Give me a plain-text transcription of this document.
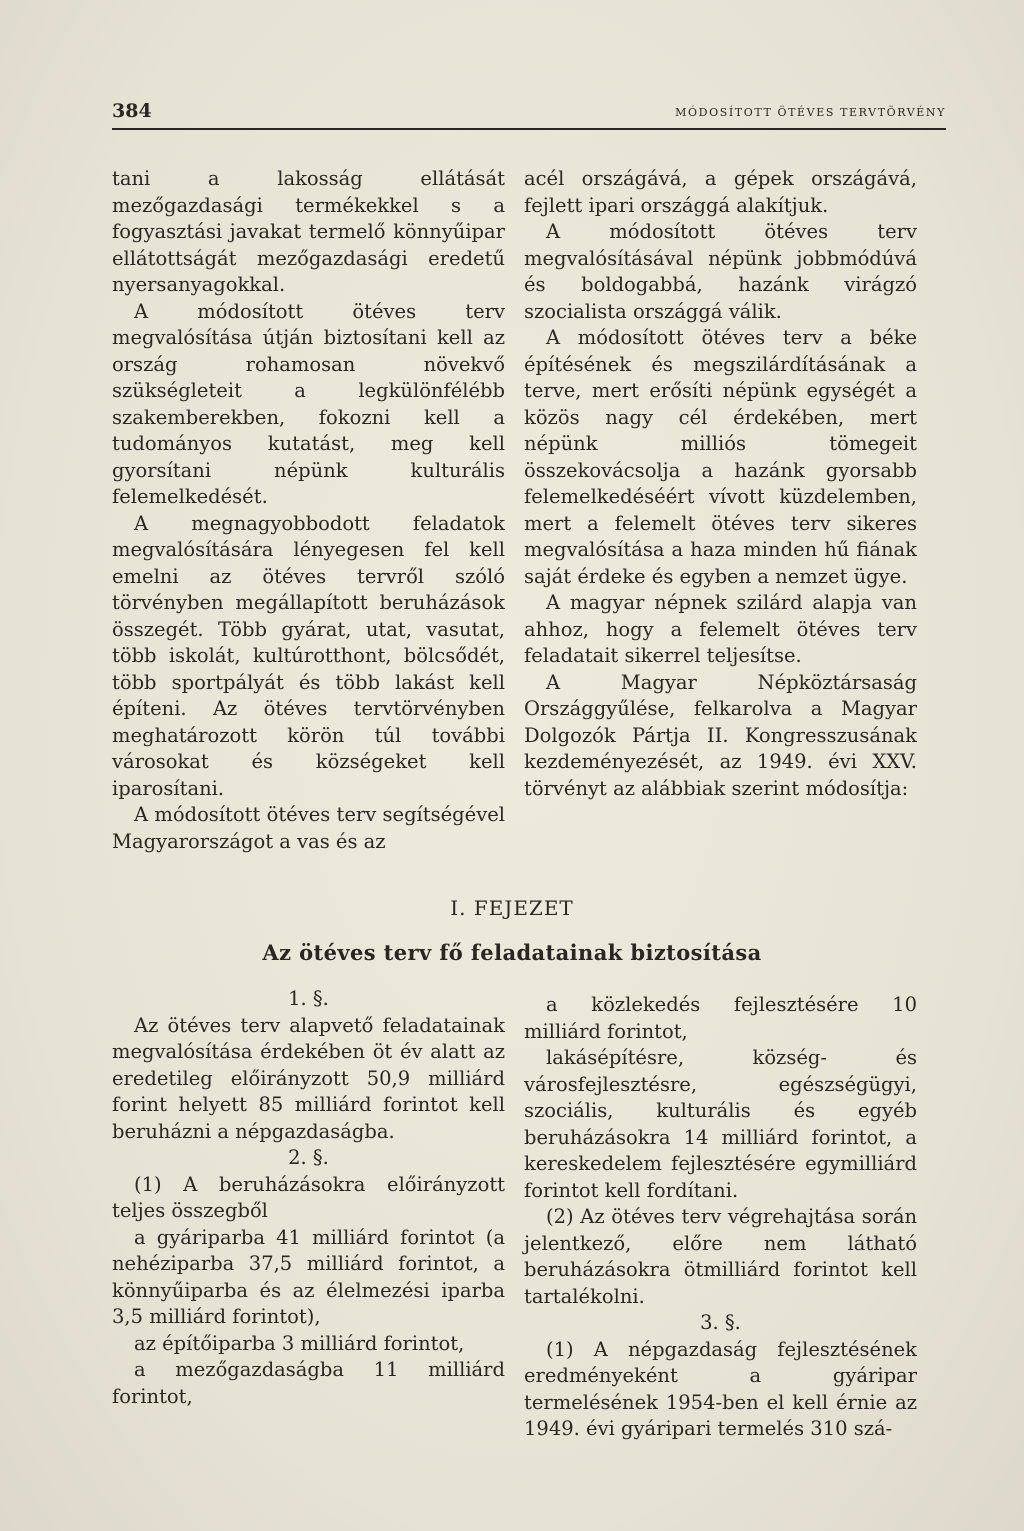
384	MÓDOSÍTOTT ÖTÉVES TERVTÖRVÉNY

tani a lakosság ellátását mezőgazdasági termékekkel s a fogyasztási javakat termelő könnyűipar ellátottságát mezőgazdasági eredetű nyersanyagokkal.

A módosított ötéves terv megvalósítása útján biztosítani kell az ország rohamosan növekvő szükségleteit a legkülönfélébb szakemberekben, fokozni kell a tudományos kutatást, meg kell gyorsítani népünk kulturális felemelkedését.

A megnagyobbodott feladatok megvalósítására lényegesen fel kell emelni az ötéves tervről szóló törvényben megállapított beruházások összegét. Több gyárat, utat, vasutat, több iskolát, kultúrotthont, bölcsődét, több sportpályát és több lakást kell építeni. Az ötéves tervtörvényben meghatározott körön túl további városokat és községeket kell iparosítani.

A módosított ötéves terv segítségével Magyarországot a vas és az

acél országává, a gépek országává, fejlett ipari országgá alakítjuk.

A módosított ötéves terv megvalósításával népünk jobbmódúvá és boldogabbá, hazánk virágzó szocialista országgá válik.

A módosított ötéves terv a béke építésének és megszilárdításának a terve, mert erősíti népünk egységét a közös nagy cél érdekében, mert népünk milliós tömegeit összekovácsolja a hazánk gyorsabb felemelkedéséért vívott küzdelemben, mert a felemelt ötéves terv sikeres megvalósítása a haza minden hű fiának saját érdeke és egyben a nemzet ügye.

A magyar népnek szilárd alapja van ahhoz, hogy a felemelt ötéves terv feladatait sikerrel teljesítse.

A Magyar Népköztársaság Országgyűlése, felkarolva a Magyar Dolgozók Pártja II. Kongresszusának kezdeményezését, az 1949. évi XXV. törvényt az alábbiak szerint módosítja:

I. FEJEZET
Az ötéves terv fő feladatainak biztosítása

1. §.

Az ötéves terv alapvető feladatainak megvalósítása érdekében öt év alatt az eredetileg előirányzott 50,9 milliárd forint helyett 85 milliárd forintot kell beruházni a népgazdaságba.

2. §.

(1) A beruházásokra előirányzott teljes összegből

a gyáriparba 41 milliárd forintot (a nehéziparba 37,5 milliárd forintot, a könnyűiparba és az élelmezési iparba 3,5 milliárd forintot),

az építőiparba 3 milliárd forintot,

a mezőgazdaságba 11 milliárd forintot,

a közlekedés fejlesztésére 10 milliárd forintot,

lakásépítésre, község- és városfejlesztésre, egészségügyi, szociális, kulturális és egyéb beruházásokra 14 milliárd forintot, a kereskedelem fejlesztésére egymilliárd forintot kell fordítani.

(2) Az ötéves terv végrehajtása során jelentkező, előre nem látható beruházásokra ötmilliárd forintot kell tartalékolni.

3. §.

(1) A népgazdaság fejlesztésének eredményeként a gyáripar termelésének 1954-ben el kell érnie az 1949. évi gyáripari termelés 310 szá-
